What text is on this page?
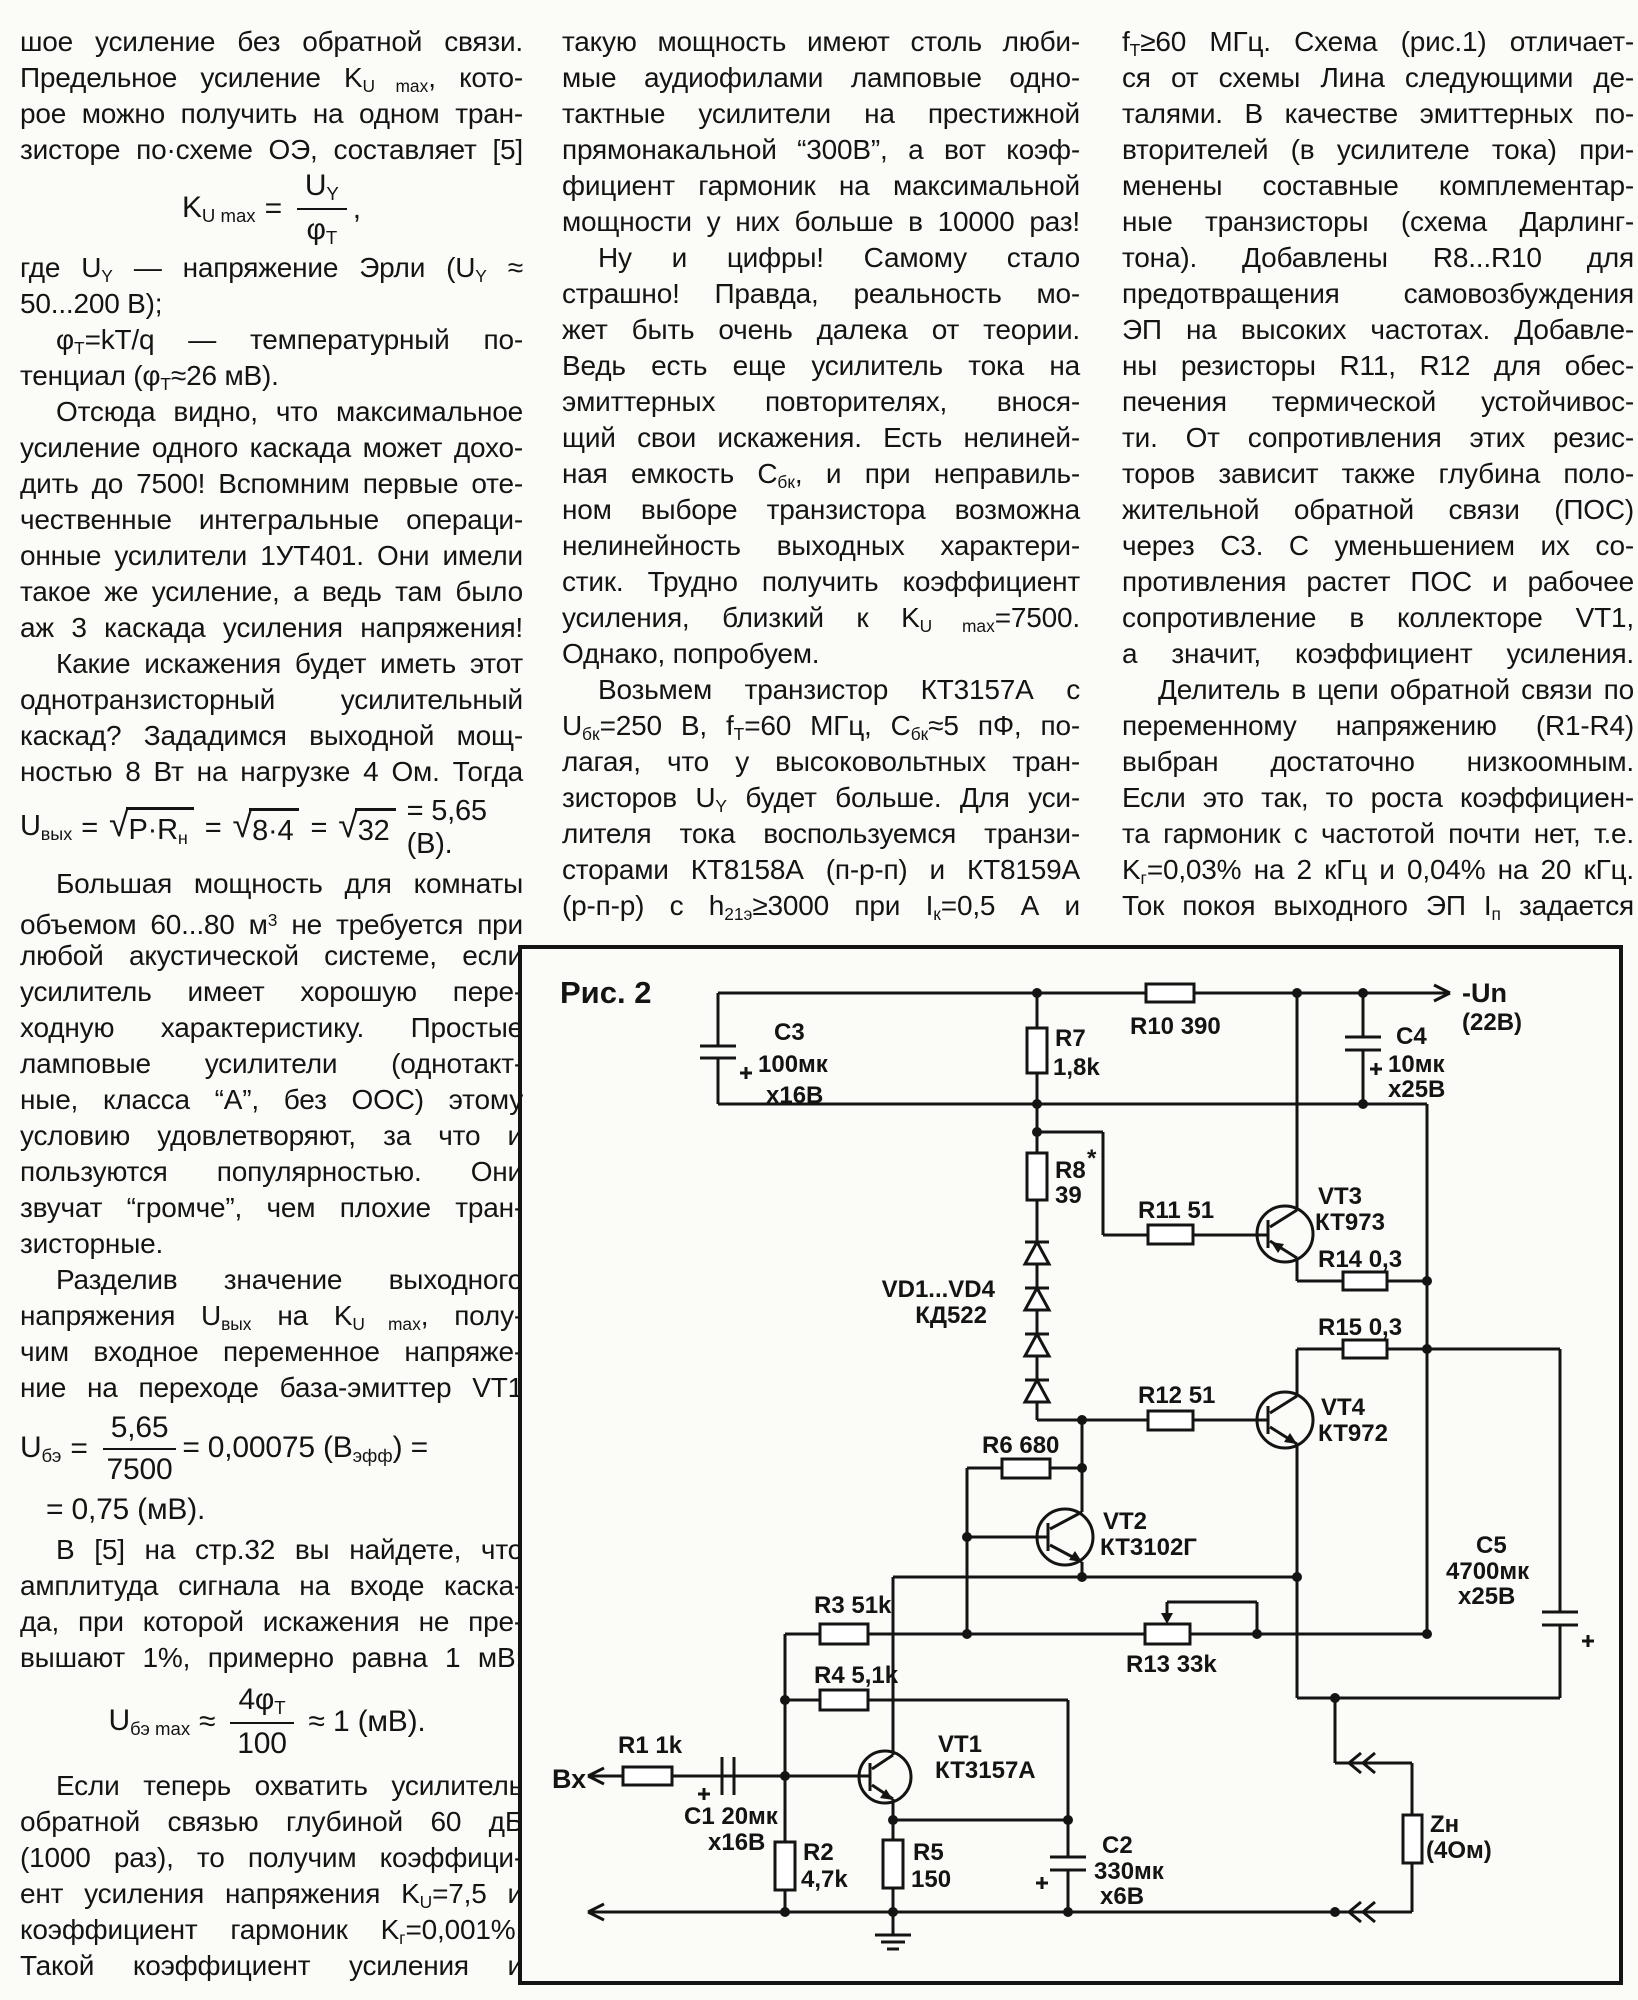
шое усиление без обратной связи.
Предельное усиление $K_{U max}$, кото-
рое можно получить на одном тран-
зисторе по·схеме ОЭ, составляет [5]
$K_{U max} = \frac{U_Y}{\varphi_T}$ ,
где $U_Y$ — напряжение Эрли ($U_Y$ ≈
50...200 В);
$\varphi_T=kT/q$ — температурный по-
тенциал ($\varphi_T\approx 26$ мВ).
Отсюда видно, что максимальное
усиление одного каскада может дохо-
дить до 7500! Вспомним первые оте-
чественные интегральные операци-
онные усилители 1УТ401. Они имели
такое же усиление, а ведь там было
аж 3 каскада усиления напряжения!
Какие искажения будет иметь этот
однотранзисторный усилительный
каскад? Зададимся выходной мощ-
ностью 8 Вт на нагрузке 4 Ом. Тогда
$U_{вых}$ = √ $P\cdot R_н$ = √ 8·4 = √ 32
= 5,65 (В).
Большая мощность для комнаты
объемом 60...80 $м^3$ не требуется при
любой акустической системе, если
усилитель имеет хорошую пере-
ходную характеристику. Простые
ламповые усилители (однотакт-
ные, класса “А”, без ООС) этому
условию удовлетворяют, за что и
пользуются популярностью. Они
звучат “громче”, чем плохие тран-
зисторные.
Разделив значение выходного
напряжения $U_{вых}$ на $K_{U max}$, полу-
чим входное переменное напряже-
ние на переходе база-эмиттер VT1
$U_{бэ} = \frac{5,65}{7500} = 0,00075$ $(В_{эфф})$ =
= 0,75 (мВ).
В [5] на стр.32 вы найдете, что
амплитуда сигнала на входе каска-
да, при которой искажения не пре-
вышают 1%, примерно равна 1 мВ:
$U_{бэ max} \approx \frac{4\varphi_T}{100} \approx 1$ (мВ).
Если теперь охватить усилитель
обратной связью глубиной 60 дБ
(1000 раз), то получим коэффици-
ент усиления напряжения $K_U=7,5$ и
коэффициент гармоник $K_г=0,001\%$.
Такой коэффициент усиления и
такую мощность имеют столь люби-
мые аудиофилами ламповые одно-
тактные усилители на престижной
прямонакальной “300В”, а вот коэф-
фициент гармоник на максимальной
мощности у них больше в 10000 раз!
Ну и цифры! Самому стало
страшно! Правда, реальность мо-
жет быть очень далека от теории.
Ведь есть еще усилитель тока на
эмиттерных повторителях, внося-
щий свои искажения. Есть нелиней-
ная емкость $С_{бк}$, и при неправиль-
ном выборе транзистора возможна
нелинейность выходных характери-
стик. Трудно получить коэффициент
усиления, близкий к $K_{U max}=7500$.
Однако, попробуем.
Возьмем транзистор КТ3157А с
$U_{бк}=250$ В, $f_T=60$ МГц, $С_{бк}\approx 5$ пФ, по-
лагая, что у высоковольтных тран-
зисторов $U_Y$ будет больше. Для уси-
лителя тока воспользуемся транзи-
сторами КТ8158А (п-р-п) и КТ8159А
(р-п-р) с $h_{21э}\ge 3000$ при $I_к=0,5$ А и
$f_T\ge 60$ МГц. Схема (рис.1) отличает-
ся от схемы Лина следующими де-
талями. В качестве эмиттерных по-
вторителей (в усилителе тока) при-
менены составные комплементар-
ные транзисторы (схема Дарлинг-
тона). Добавлены R8...R10 для
предотвращения самовозбуждения
ЭП на высоких частотах. Добавле-
ны резисторы R11, R12 для обес-
печения термической устойчивос-
ти. От сопротивления этих резис-
торов зависит также глубина поло-
жительной обратной связи (ПОС)
через С3. С уменьшением их со-
противления растет ПОС и рабочее
сопротивление в коллекторе VT1,
а значит, коэффициент усиления.
Делитель в цепи обратной связи по
переменному напряжению (R1-R4)
выбран достаточно низкоомным.
Если это так, то роста коэффициен-
та гармоник с частотой почти нет, т.е.
$K_г=0,03\%$ на 2 кГц и 0,04% на 20 кГц.
Ток покоя выходного ЭП $I_п$ задается
Рис. 2
C3
100мк
x16В
R7
1,8k
R10 390	C4
10мк
x25В
-Un
(22В)
R8 *
39
VD1...VD4
КД522
R11 51
VT3
КТ973
R14 0,3
R15 0,3
R12 51	VT4
КТ972
R6 680
VT2
КТ3102Г	C5
4700мк
x25В
R3 51k
R13 33k
R4 5,1k
Zн
(4Ом)
Вх
R1 1k
C1 20мк
x16В
VT1
КТ3157А
R2
4,7k
R5
150
C2
330мк
x6В
